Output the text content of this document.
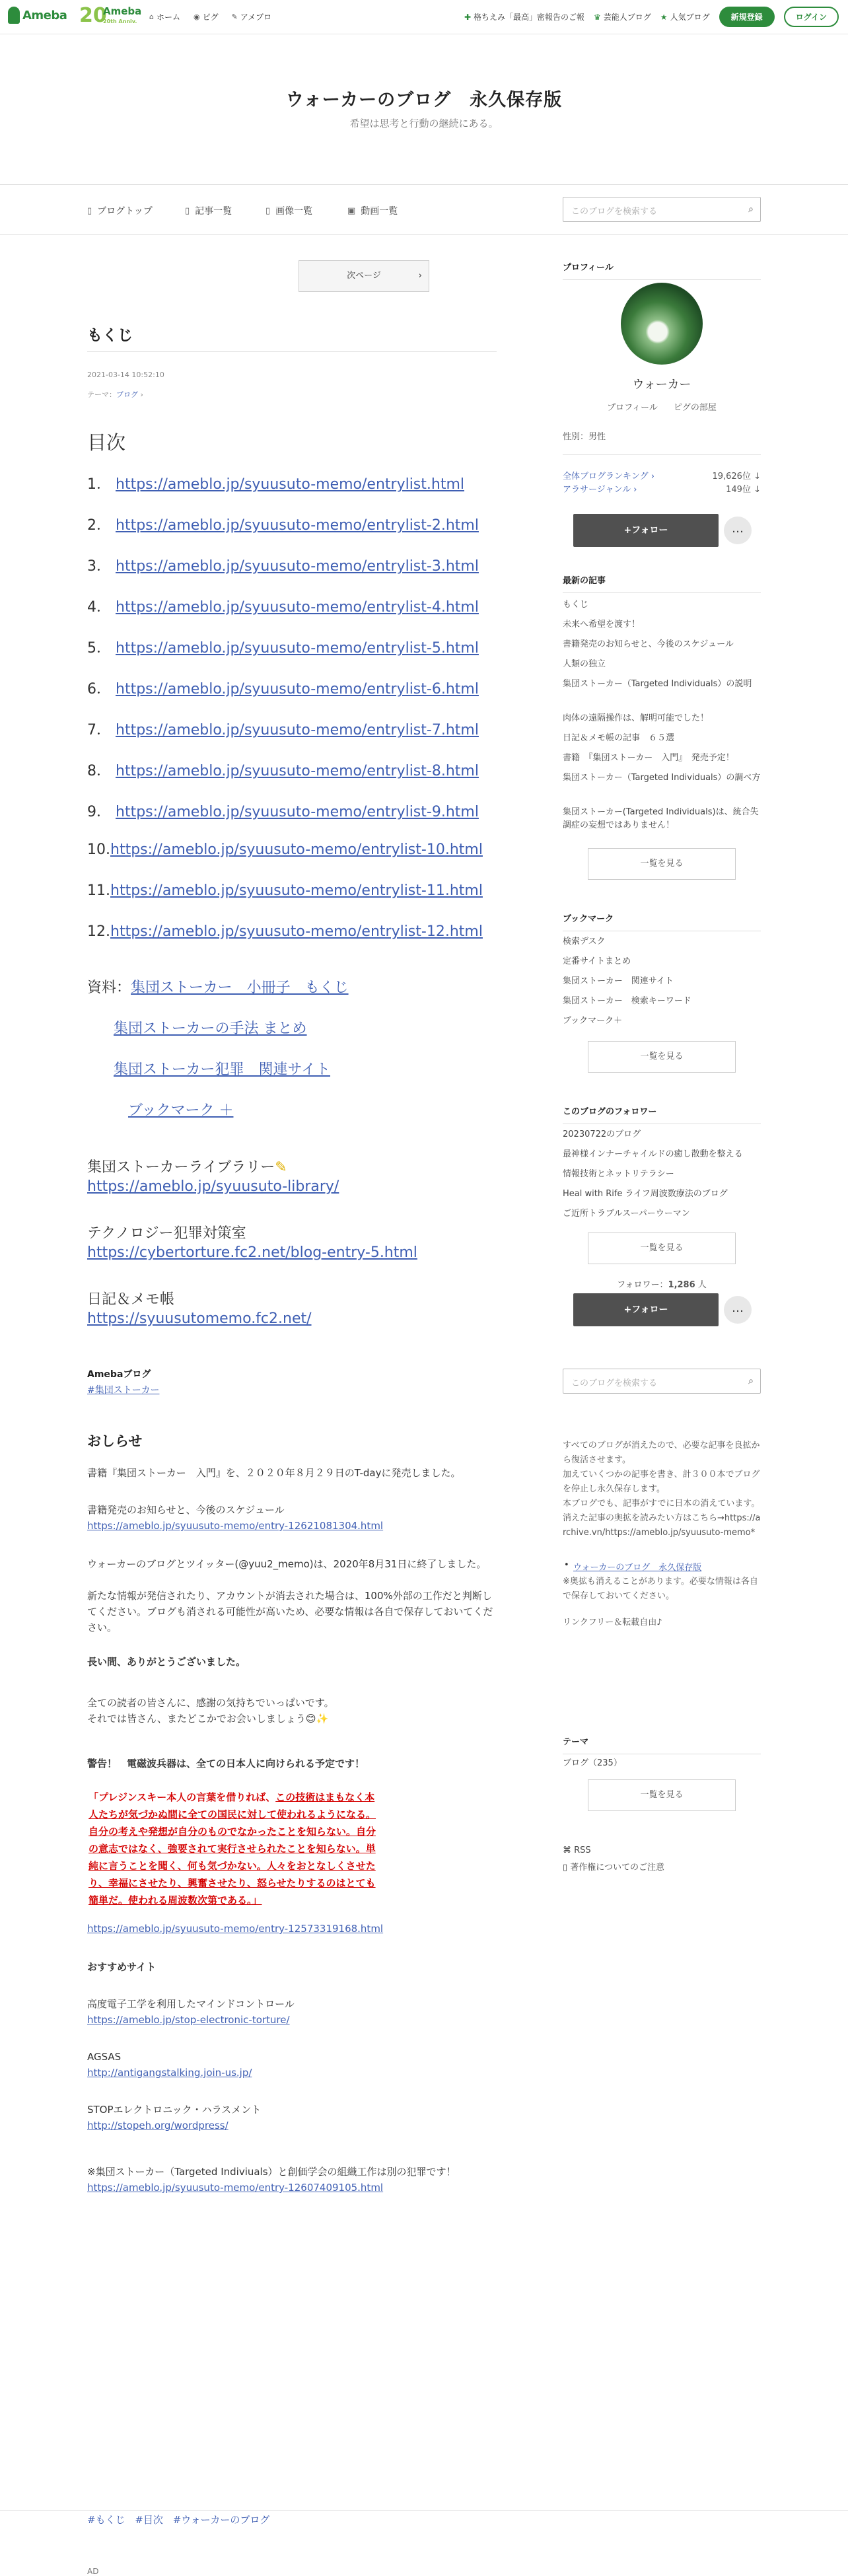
Ameba 20
Ameba
20th Anniv.
⌂ ホーム ◉ ピグ ✎ アメブロ	✚ 格ちえみ「最高」密報告のご報 ♛ 芸能人ブログ ★ 人気ブログ	新規登録	ログイン
ウォーカーのブログ　永久保存版
希望は思考と行動の継続にある。
▯ ブログトップ	▯ 記事一覧	▯ 画像一覧	▣ 動画一覧	このブログを検索する	⌕
次ページ	›
もくじ
2021-03-14 10:52:10
テーマ：ブログ ›
目次
1． https://ameblo.jp/syuusuto-memo/entrylist.html
2． https://ameblo.jp/syuusuto-memo/entrylist-2.html
3． https://ameblo.jp/syuusuto-memo/entrylist-3.html
4． https://ameblo.jp/syuusuto-memo/entrylist-4.html
5． https://ameblo.jp/syuusuto-memo/entrylist-5.html
6． https://ameblo.jp/syuusuto-memo/entrylist-6.html
7． https://ameblo.jp/syuusuto-memo/entrylist-7.html
8． https://ameblo.jp/syuusuto-memo/entrylist-8.html
9． https://ameblo.jp/syuusuto-memo/entrylist-9.html
10.https://ameblo.jp/syuusuto-memo/entrylist-10.html
11.https://ameblo.jp/syuusuto-memo/entrylist-11.html
12.https://ameblo.jp/syuusuto-memo/entrylist-12.html
資料：集団ストーカー　小冊子　もくじ
集団ストーカーの手法 まとめ
集団ストーカー犯罪　関連サイト
ブックマーク ＋
集団ストーカーライブラリー✎
https://ameblo.jp/syuusuto-library/
テクノロジー犯罪対策室
https://cybertorture.fc2.net/blog-entry-5.html
日記＆メモ帳
https://syuusutomemo.fc2.net/
Amebaブログ
#集団ストーカー
おしらせ
書籍『集団ストーカー　入門』を、２０２０年８月２９日のT-dayに発売しました。
書籍発売のお知らせと、今後のスケジュール
https://ameblo.jp/syuusuto-memo/entry-12621081304.html
ウォーカーのブログとツイッター(@yuu2_memo)は、2020年8月31日に終了しました。
新たな情報が発信されたり、アカウントが消去された場合は、100%外部の工作だと判断してください。ブログも消される可能性が高いため、必要な情報は各自で保存しておいてください。
長い間、ありがとうございました。
全ての読者の皆さんに、感謝の気持ちでいっぱいです。
それでは皆さん、またどこかでお会いしましょう😊✨
警告！　電磁波兵器は、全ての日本人に向けられる予定です！
「プレジンスキー本人の言葉を借りれば、この技術はまもなく本人たちが気づかぬ間に全ての国民に対して使われるようになる。自分の考えや発想が自分のものでなかったことを知らない。自分の意志ではなく、強要されて実行させられたことを知らない。単純に言うことを聞く、何も気づかない。人々をおとなしくさせたり、幸福にさせたり、興奮させたり、怒らせたりするのはとても簡単だ。使われる周波数次第である。」
https://ameblo.jp/syuusuto-memo/entry-12573319168.html
おすすめサイト
高度電子工学を利用したマインドコントロール
https://ameblo.jp/stop-electronic-torture/
AGSAS
http://antigangstalking.join-us.jp/
STOPエレクトロニック・ハラスメント
http://stopeh.org/wordpress/
※集団ストーカー（Targeted Indiviuals）と創価学会の組織工作は別の犯罪です！
https://ameblo.jp/syuusuto-memo/entry-12607409105.html
#もくじ #目次 #ウォーカーのブログ
AD
プロフィール
ウォーカー
プロフィール ピグの部屋
性別：男性
全体ブログランキング ›	19,626位 ↓
アラサージャンル ›	149位 ↓
+フォロー	…
最新の記事
もくじ
未来へ希望を渡す！
書籍発売のお知らせと、今後のスケジュール
人類の独立
集団ストーカー（Targeted Individuals）の説明
肉体の遠隔操作は、解明可能でした！
日記＆メモ帳の記事　６５選
書籍　『集団ストーカー　入門』　発売予定！
集団ストーカー（Targeted Individuals）の調べ方
集団ストーカー(Targeted Individuals)は、統合失調症の妄想ではありません！
一覧を見る
ブックマーク
検索デスク
定番サイトまとめ
集団ストーカー　関連サイト
集団ストーカー　検索キーワード
ブックマーク＋
一覧を見る
このブログのフォロワー
20230722のブログ
最神様インナーチャイルドの癒し散動を整える
情報技術とネットリテラシー
Heal with Rife ライフ周波数療法のブログ
ご近所トラブルスーパーウーマン
一覧を見る
フォロワー：1,286 人
+フォロー	…
このブログを検索する	⌕
すべてのブログが消えたので、必要な記事を良拡から復活させます。
加えていくつかの記事を書き、計３００本でブログを停止し永久保存します。
本ブログでも、記事がすでに日本の消えています。消えた記事の奥拡を読みたい方はこちら→https://archive.vn/https://ameblo.jp/syuusuto-memo*
• ウォーカーのブログ　永久保存版
※奥拡も消えることがあります。必要な情報は各自で保存しておいてください。
リンクフリー＆転載自由♪
テーマ
ブログ（235）
一覧を見る
⌘ RSS
▯ 著作権についてのご注意
